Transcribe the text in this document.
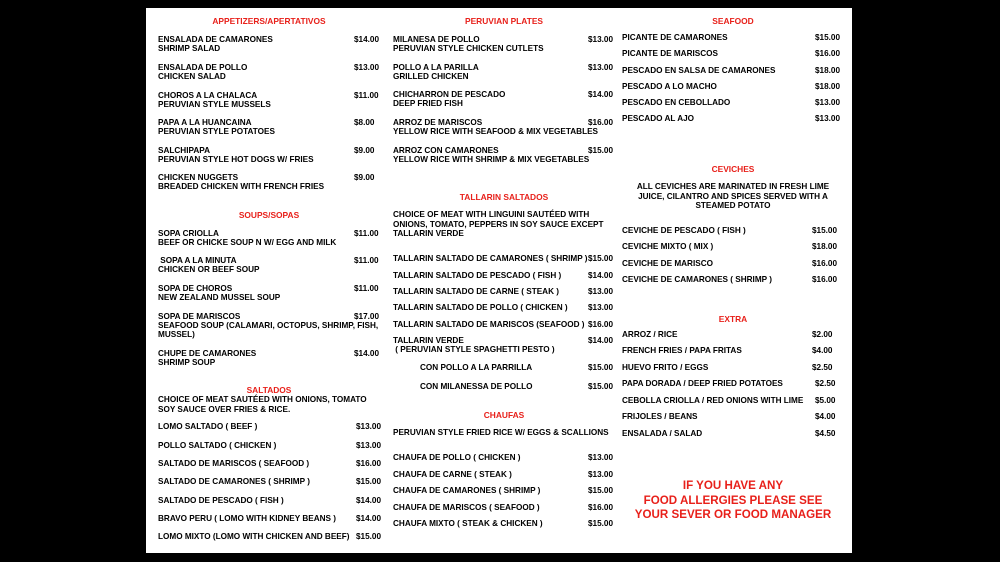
APPETIZERS/APERTATIVOS
ENSALADA DE CAMARONES	$14.00
SHRIMP SALAD
ENSALADA DE POLLO	$13.00
CHICKEN SALAD
CHOROS A LA CHALACA	$11.00
PERUVIAN STYLE MUSSELS
PAPA A LA HUANCAINA	$8.00
PERUVIAN STYLE POTATOES
SALCHIPAPA	$9.00
PERUVIAN STYLE HOT DOGS W/ FRIES
CHICKEN NUGGETS	$9.00
BREADED CHICKEN WITH FRENCH FRIES
SOUPS/SOPAS
SOPA CRIOLLA	$11.00
BEEF OR CHICKE SOUP N W/ EGG AND MILK
SOPA A LA MINUTA	$11.00
CHICKEN OR BEEF SOUP
SOPA DE CHOROS	$11.00
NEW ZEALAND MUSSEL SOUP
SOPA DE MARISCOS	$17.00
SEAFOOD SOUP (CALAMARI, OCTOPUS, SHRIMP, FISH,
MUSSEL)
CHUPE DE CAMARONES	$14.00
SHRIMP SOUP
SALTADOS
CHOICE OF MEAT SAUTÉED WITH ONIONS, TOMATO
SOY SAUCE OVER FRIES & RICE.
LOMO SALTADO ( BEEF )	$13.00
POLLO SALTADO ( CHICKEN )	$13.00
SALTADO DE MARISCOS ( SEAFOOD )	$16.00
SALTADO DE CAMARONES ( SHRIMP )	$15.00
SALTADO DE PESCADO ( FISH )	$14.00
BRAVO PERU ( LOMO WITH KIDNEY BEANS ) $14.00
LOMO MIXTO (LOMO WITH CHICKEN AND BEEF) $15.00
PERUVIAN PLATES
MILANESA DE POLLO	$13.00
PERUVIAN STYLE CHICKEN CUTLETS
POLLO A LA PARILLA	$13.00
GRILLED CHICKEN
CHICHARRON DE PESCADO	$14.00
DEEP FRIED FISH
ARROZ DE MARISCOS	$16.00
YELLOW RICE WITH SEAFOOD & MIX VEGETABLES
ARROZ CON CAMARONES	$15.00
YELLOW RICE WITH SHRIMP & MIX VEGETABLES
TALLARIN SALTADOS
CHOICE OF MEAT WITH LINGUINI SAUTÉED WITH
ONIONS, TOMATO, PEPPERS IN SOY SAUCE EXCEPT
TALLARIN VERDE
TALLARIN SALTADO DE CAMARONES ( SHRIMP ) $15.00
TALLARIN SALTADO DE PESCADO ( FISH )	$14.00
TALLARIN SALTADO DE CARNE ( STEAK )	$13.00
TALLARIN SALTADO DE POLLO ( CHICKEN ) $13.00
TALLARIN SALTADO DE MARISCOS (SEAFOOD ) $16.00
TALLARIN VERDE	$14.00
( PERUVIAN STYLE SPAGHETTI PESTO )
CON POLLO A LA PARRILLA	$15.00
CON MILANESSA DE POLLO	$15.00
CHAUFAS
PERUVIAN STYLE FRIED RICE W/ EGGS & SCALLIONS
CHAUFA DE POLLO ( CHICKEN )	$13.00
CHAUFA DE CARNE ( STEAK )	$13.00
CHAUFA DE CAMARONES ( SHRIMP )	$15.00
CHAUFA DE MARISCOS ( SEAFOOD )	$16.00
CHAUFA MIXTO ( STEAK & CHICKEN )	$15.00
SEAFOOD
PICANTE DE CAMARONES	$15.00
PICANTE DE MARISCOS	$16.00
PESCADO EN SALSA DE CAMARONES	$18.00
PESCADO A LO MACHO	$18.00
PESCADO EN CEBOLLADO	$13.00
PESCADO AL AJO	$13.00
CEVICHES
ALL CEVICHES ARE MARINATED IN FRESH LIME
JUICE, CILANTRO AND SPICES SERVED WITH A
STEAMED POTATO
CEVICHE DE PESCADO ( FISH )	$15.00
CEVICHE MIXTO ( MIX )	$18.00
CEVICHE DE MARISCO	$16.00
CEVICHE DE CAMARONES ( SHRIMP )	$16.00
EXTRA
ARROZ / RICE	$2.00
FRENCH FRIES / PAPA FRITAS	$4.00
HUEVO FRITO / EGGS	$2.50
PAPA DORADA / DEEP FRIED POTATOES	$2.50
CEBOLLA CRIOLLA / RED ONIONS WITH LIME $5.00
FRIJOLES / BEANS	$4.00
ENSALADA / SALAD	$4.50
IF YOU HAVE ANY
FOOD ALLERGIES PLEASE SEE
YOUR SEVER OR FOOD MANAGER
